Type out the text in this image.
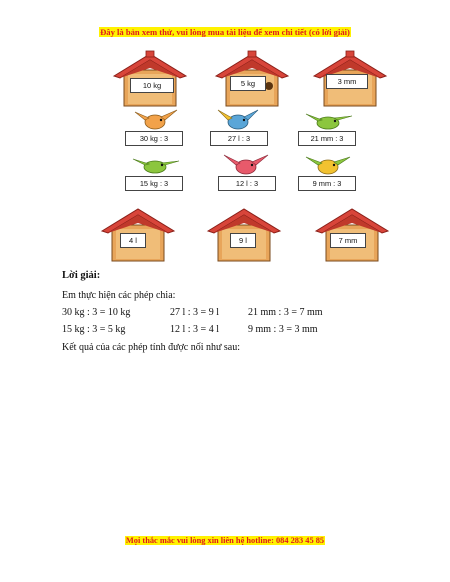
Đây là bản xem thử, vui lòng mua tài liệu để xem chi tiết (có lời giải)
10 kg	5 kg	3 mm
30 kg : 3	27 l : 3	21 mm : 3
15 kg : 3	12 l : 3	9 mm : 3
4 l	9 l	7 mm
Lời giải:
Em thực hiện các phép chia:
30 kg : 3 = 10 kg	27 l : 3 = 9 l	21 mm : 3 = 7 mm
15 kg : 3 = 5 kg	12 l : 3 = 4 l	9 mm : 3 = 3 mm
Kết quả của các phép tính được nối như sau:
Mọi thắc mắc vui lòng xin liên hệ hotline: 084 283 45 85
